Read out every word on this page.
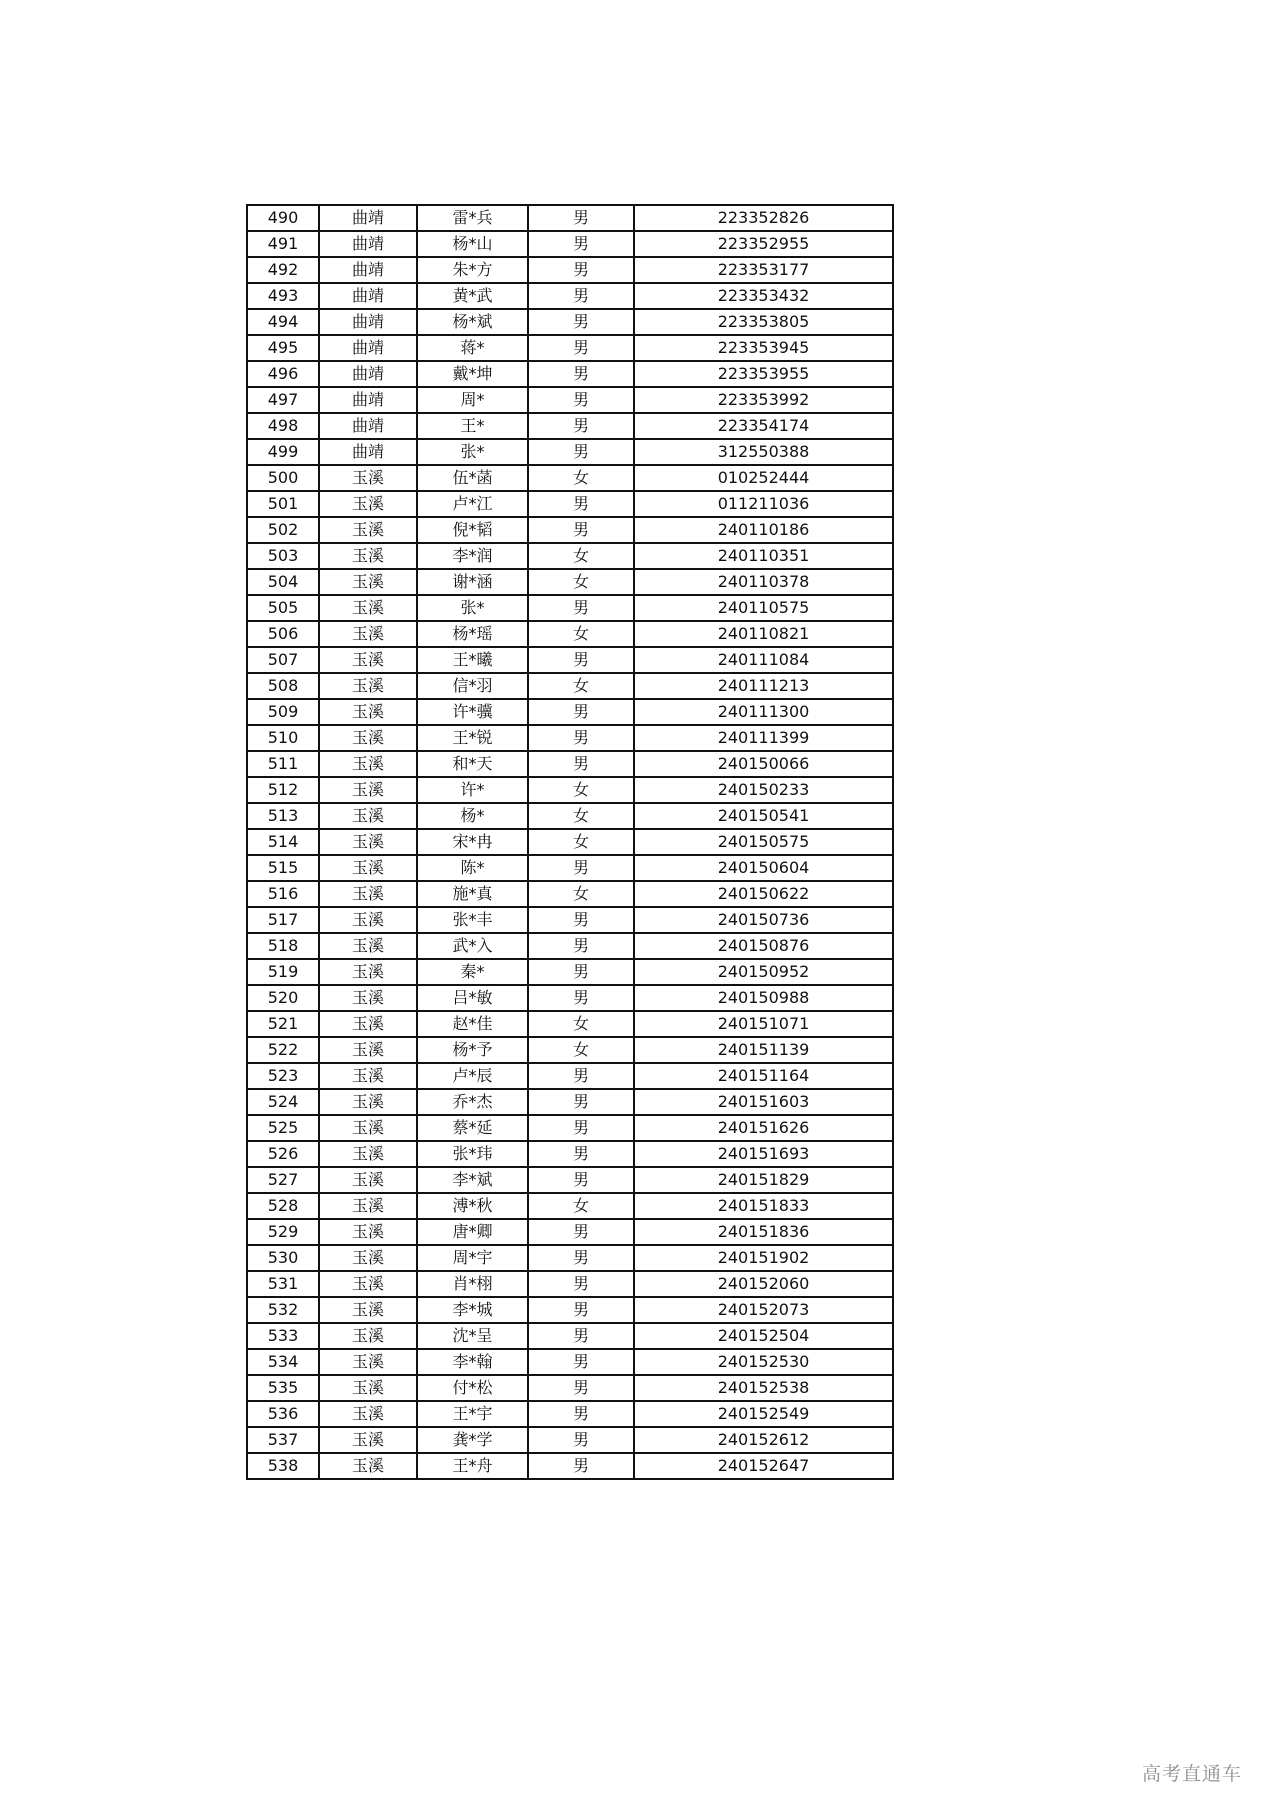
490	曲靖	雷*兵	男	223352826
491	曲靖	杨*山	男	223352955
492	曲靖	朱*方	男	223353177
493	曲靖	黄*武	男	223353432
494	曲靖	杨*斌	男	223353805
495	曲靖	蒋*	男	223353945
496	曲靖	戴*坤	男	223353955
497	曲靖	周*	男	223353992
498	曲靖	王*	男	223354174
499	曲靖	张*	男	312550388
500	玉溪	伍*菡	女	010252444
501	玉溪	卢*江	男	011211036
502	玉溪	倪*韬	男	240110186
503	玉溪	李*润	女	240110351
504	玉溪	谢*涵	女	240110378
505	玉溪	张*	男	240110575
506	玉溪	杨*瑶	女	240110821
507	玉溪	王*曦	男	240111084
508	玉溪	信*羽	女	240111213
509	玉溪	许*骥	男	240111300
510	玉溪	王*锐	男	240111399
511	玉溪	和*天	男	240150066
512	玉溪	许*	女	240150233
513	玉溪	杨*	女	240150541
514	玉溪	宋*冉	女	240150575
515	玉溪	陈*	男	240150604
516	玉溪	施*真	女	240150622
517	玉溪	张*丰	男	240150736
518	玉溪	武*入	男	240150876
519	玉溪	秦*	男	240150952
520	玉溪	吕*敏	男	240150988
521	玉溪	赵*佳	女	240151071
522	玉溪	杨*予	女	240151139
523	玉溪	卢*辰	男	240151164
524	玉溪	乔*杰	男	240151603
525	玉溪	蔡*延	男	240151626
526	玉溪	张*玮	男	240151693
527	玉溪	李*斌	男	240151829
528	玉溪	溥*秋	女	240151833
529	玉溪	唐*卿	男	240151836
530	玉溪	周*宇	男	240151902
531	玉溪	肖*栩	男	240152060
532	玉溪	李*城	男	240152073
533	玉溪	沈*呈	男	240152504
534	玉溪	李*翰	男	240152530
535	玉溪	付*松	男	240152538
536	玉溪	王*宇	男	240152549
537	玉溪	龚*学	男	240152612
538	玉溪	王*舟	男	240152647
高考直通车
